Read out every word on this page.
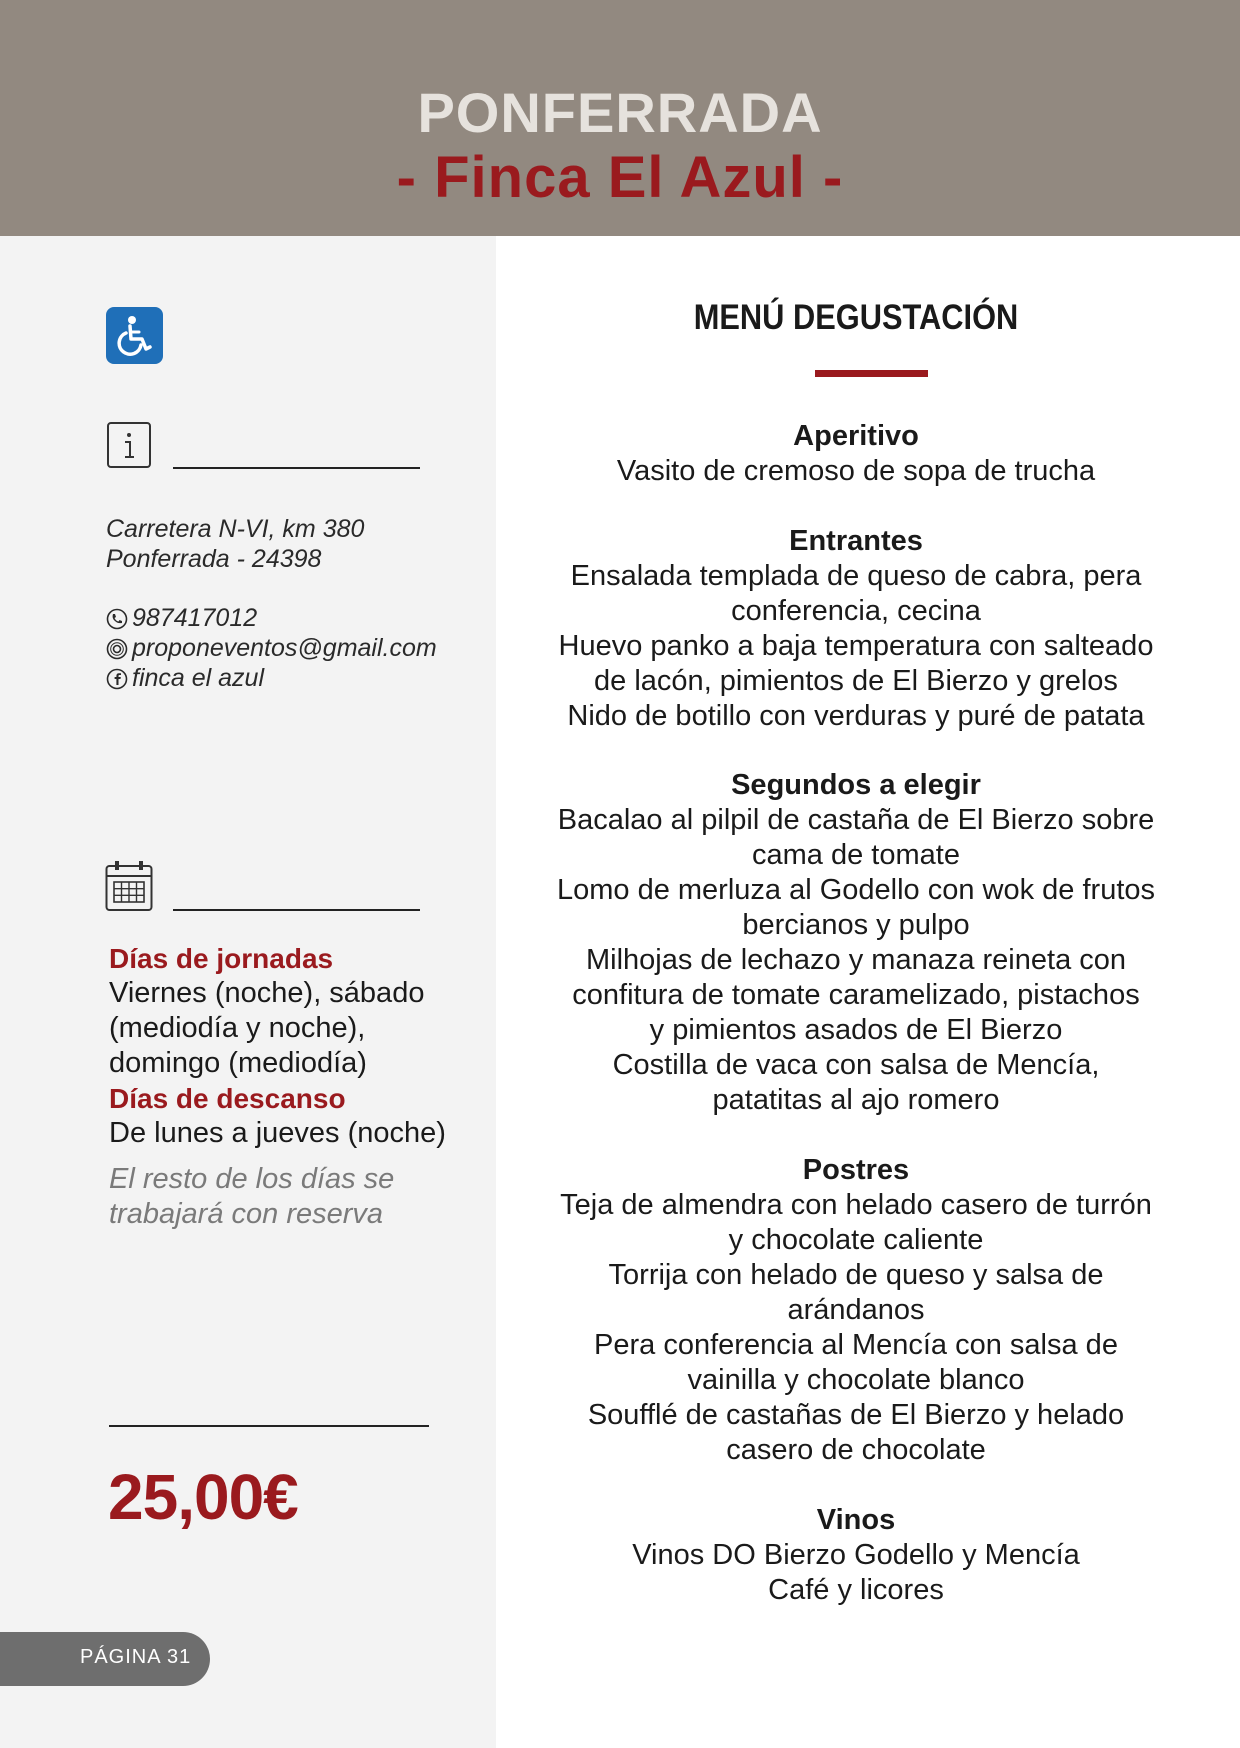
PONFERRADA
- Finca El Azul -
Carretera N-VI, km 380
Ponferrada - 24398
987417012
proponeventos@gmail.com
finca el azul
Días de jornadas
Viernes (noche), sábado
(mediodía y noche),
domingo (mediodía)
Días de descanso
De lunes a jueves (noche)
El resto de los días se
trabajará con reserva
25,00€
PÁGINA 31
MENÚ DEGUSTACIÓN
Aperitivo
Vasito de cremoso de sopa de trucha
Entrantes
Ensalada templada de queso de cabra, pera
conferencia, cecina
Huevo panko a baja temperatura con salteado
de lacón, pimientos de El Bierzo y grelos
Nido de botillo con verduras y puré de patata
Segundos a elegir
Bacalao al pilpil de castaña de El Bierzo sobre
cama de tomate
Lomo de merluza al Godello con wok de frutos
bercianos y pulpo
Milhojas de lechazo y manaza reineta con
confitura de tomate caramelizado, pistachos
y pimientos asados de El Bierzo
Costilla de vaca con salsa de Mencía,
patatitas al ajo romero
Postres
Teja de almendra con helado casero de turrón
y chocolate caliente
Torrija con helado de queso y salsa de
arándanos
Pera conferencia al Mencía con salsa de
vainilla y chocolate blanco
Soufflé de castañas de El Bierzo y helado
casero de chocolate
Vinos
Vinos DO Bierzo Godello y Mencía
Café y licores
